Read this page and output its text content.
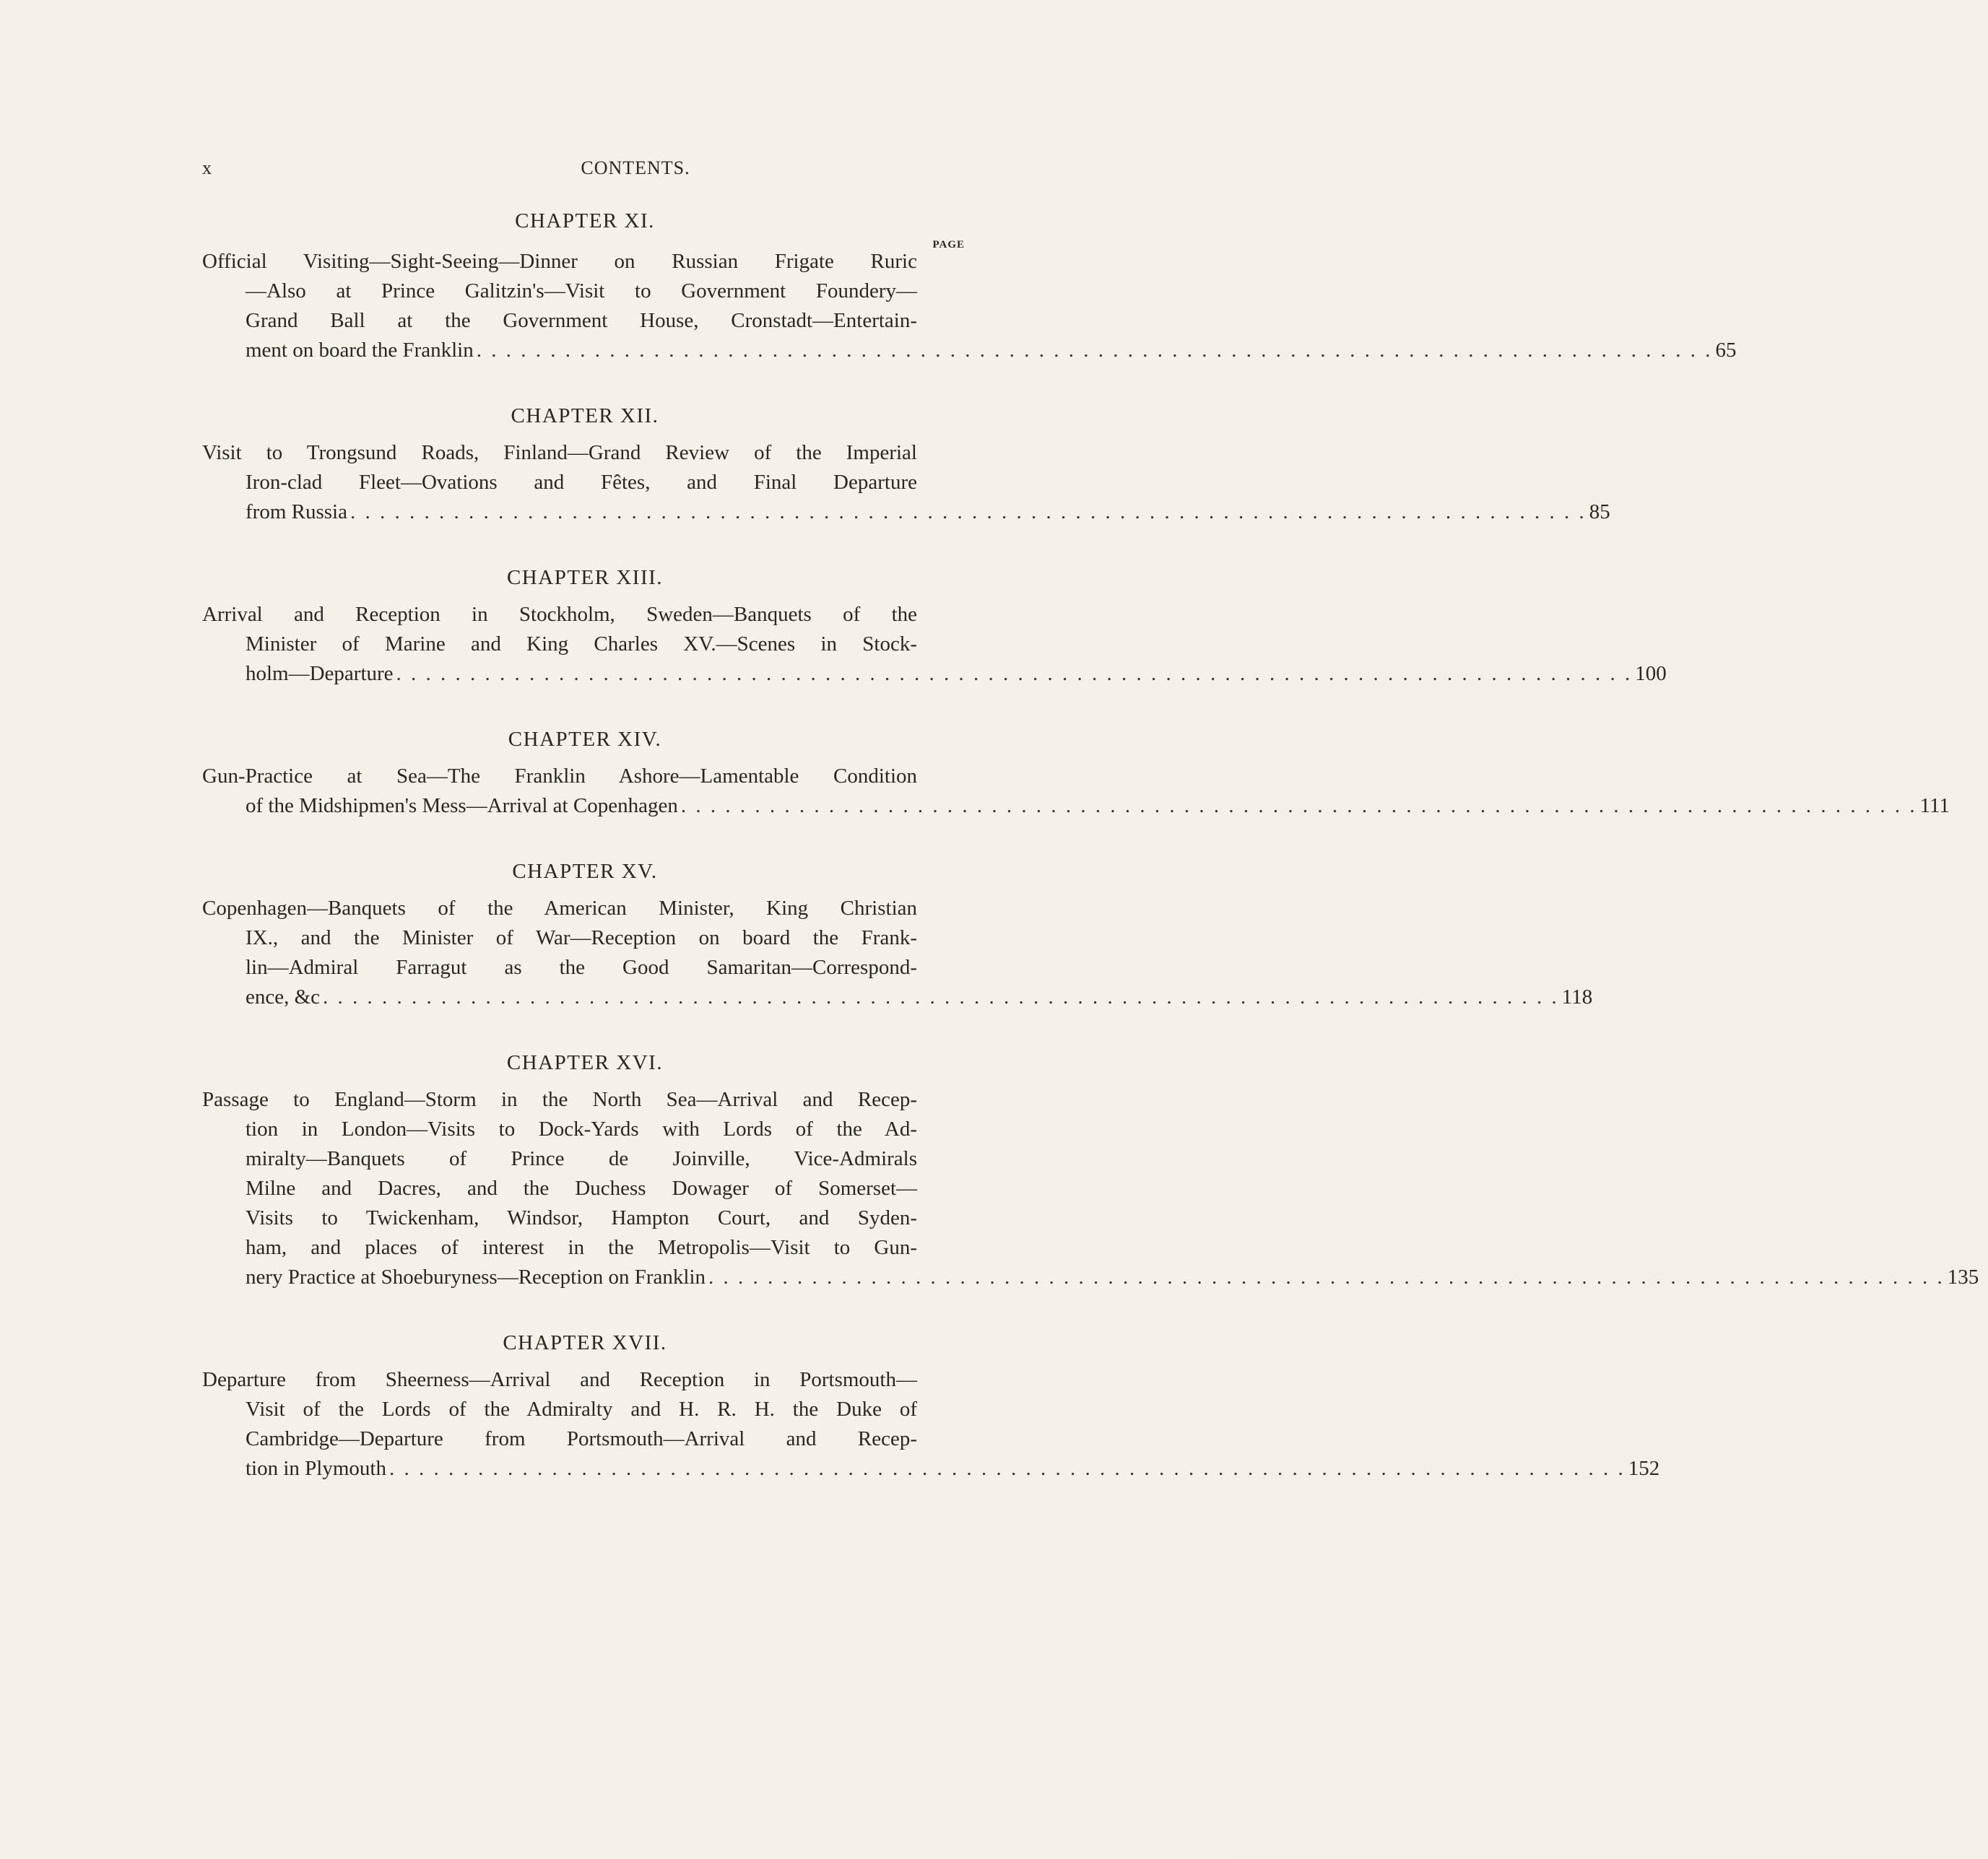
x	CONTENTS.
CHAPTER XI.
PAGE
Official Visiting—Sight-Seeing—Dinner on Russian Frigate Ruric
—Also at Prince Galitzin's—Visit to Government Foundery—
Grand Ball at the Government House, Cronstadt—Entertain-
ment on board the Franklin . . . . . . . . . . . . . . . . . . . . . . . . . . . . . . . . . . . . . . . . . . . . . . . . . . . . . . . . . . . . . . . . . . . . . . . . . . . . . . . . . . . . 65
CHAPTER XII.
Visit to Trongsund Roads, Finland—Grand Review of the Imperial
Iron-clad Fleet—Ovations and Fêtes, and Final Departure
from Russia . . . . . . . . . . . . . . . . . . . . . . . . . . . . . . . . . . . . . . . . . . . . . . . . . . . . . . . . . . . . . . . . . . . . . . . . . . . . . . . . . . . . 85
CHAPTER XIII.
Arrival and Reception in Stockholm, Sweden—Banquets of the
Minister of Marine and King Charles XV.—Scenes in Stock-
holm—Departure . . . . . . . . . . . . . . . . . . . . . . . . . . . . . . . . . . . . . . . . . . . . . . . . . . . . . . . . . . . . . . . . . . . . . . . . . . . . . . . . . . . . 100
CHAPTER XIV.
Gun-Practice at Sea—The Franklin Ashore—Lamentable Condition
of the Midshipmen's Mess—Arrival at Copenhagen . . . . . . . . . . . . . . . . . . . . . . . . . . . . . . . . . . . . . . . . . . . . . . . . . . . . . . . . . . . . . . . . . . . . . . . . . . . . . . . . . . . . 111
CHAPTER XV.
Copenhagen—Banquets of the American Minister, King Christian
IX., and the Minister of War—Reception on board the Frank-
lin—Admiral Farragut as the Good Samaritan—Correspond-
ence, &c . . . . . . . . . . . . . . . . . . . . . . . . . . . . . . . . . . . . . . . . . . . . . . . . . . . . . . . . . . . . . . . . . . . . . . . . . . . . . . . . . . . . 118
CHAPTER XVI.
Passage to England—Storm in the North Sea—Arrival and Recep-
tion in London—Visits to Dock-Yards with Lords of the Ad-
miralty—Banquets of Prince de Joinville, Vice-Admirals
Milne and Dacres, and the Duchess Dowager of Somerset—
Visits to Twickenham, Windsor, Hampton Court, and Syden-
ham, and places of interest in the Metropolis—Visit to Gun-
nery Practice at Shoeburyness—Reception on Franklin . . . . . . . . . . . . . . . . . . . . . . . . . . . . . . . . . . . . . . . . . . . . . . . . . . . . . . . . . . . . . . . . . . . . . . . . . . . . . . . . . . . . 135
CHAPTER XVII.
Departure from Sheerness—Arrival and Reception in Portsmouth—
Visit of the Lords of the Admiralty and H. R. H. the Duke of
Cambridge—Departure from Portsmouth—Arrival and Recep-
tion in Plymouth . . . . . . . . . . . . . . . . . . . . . . . . . . . . . . . . . . . . . . . . . . . . . . . . . . . . . . . . . . . . . . . . . . . . . . . . . . . . . . . . . . . . 152
